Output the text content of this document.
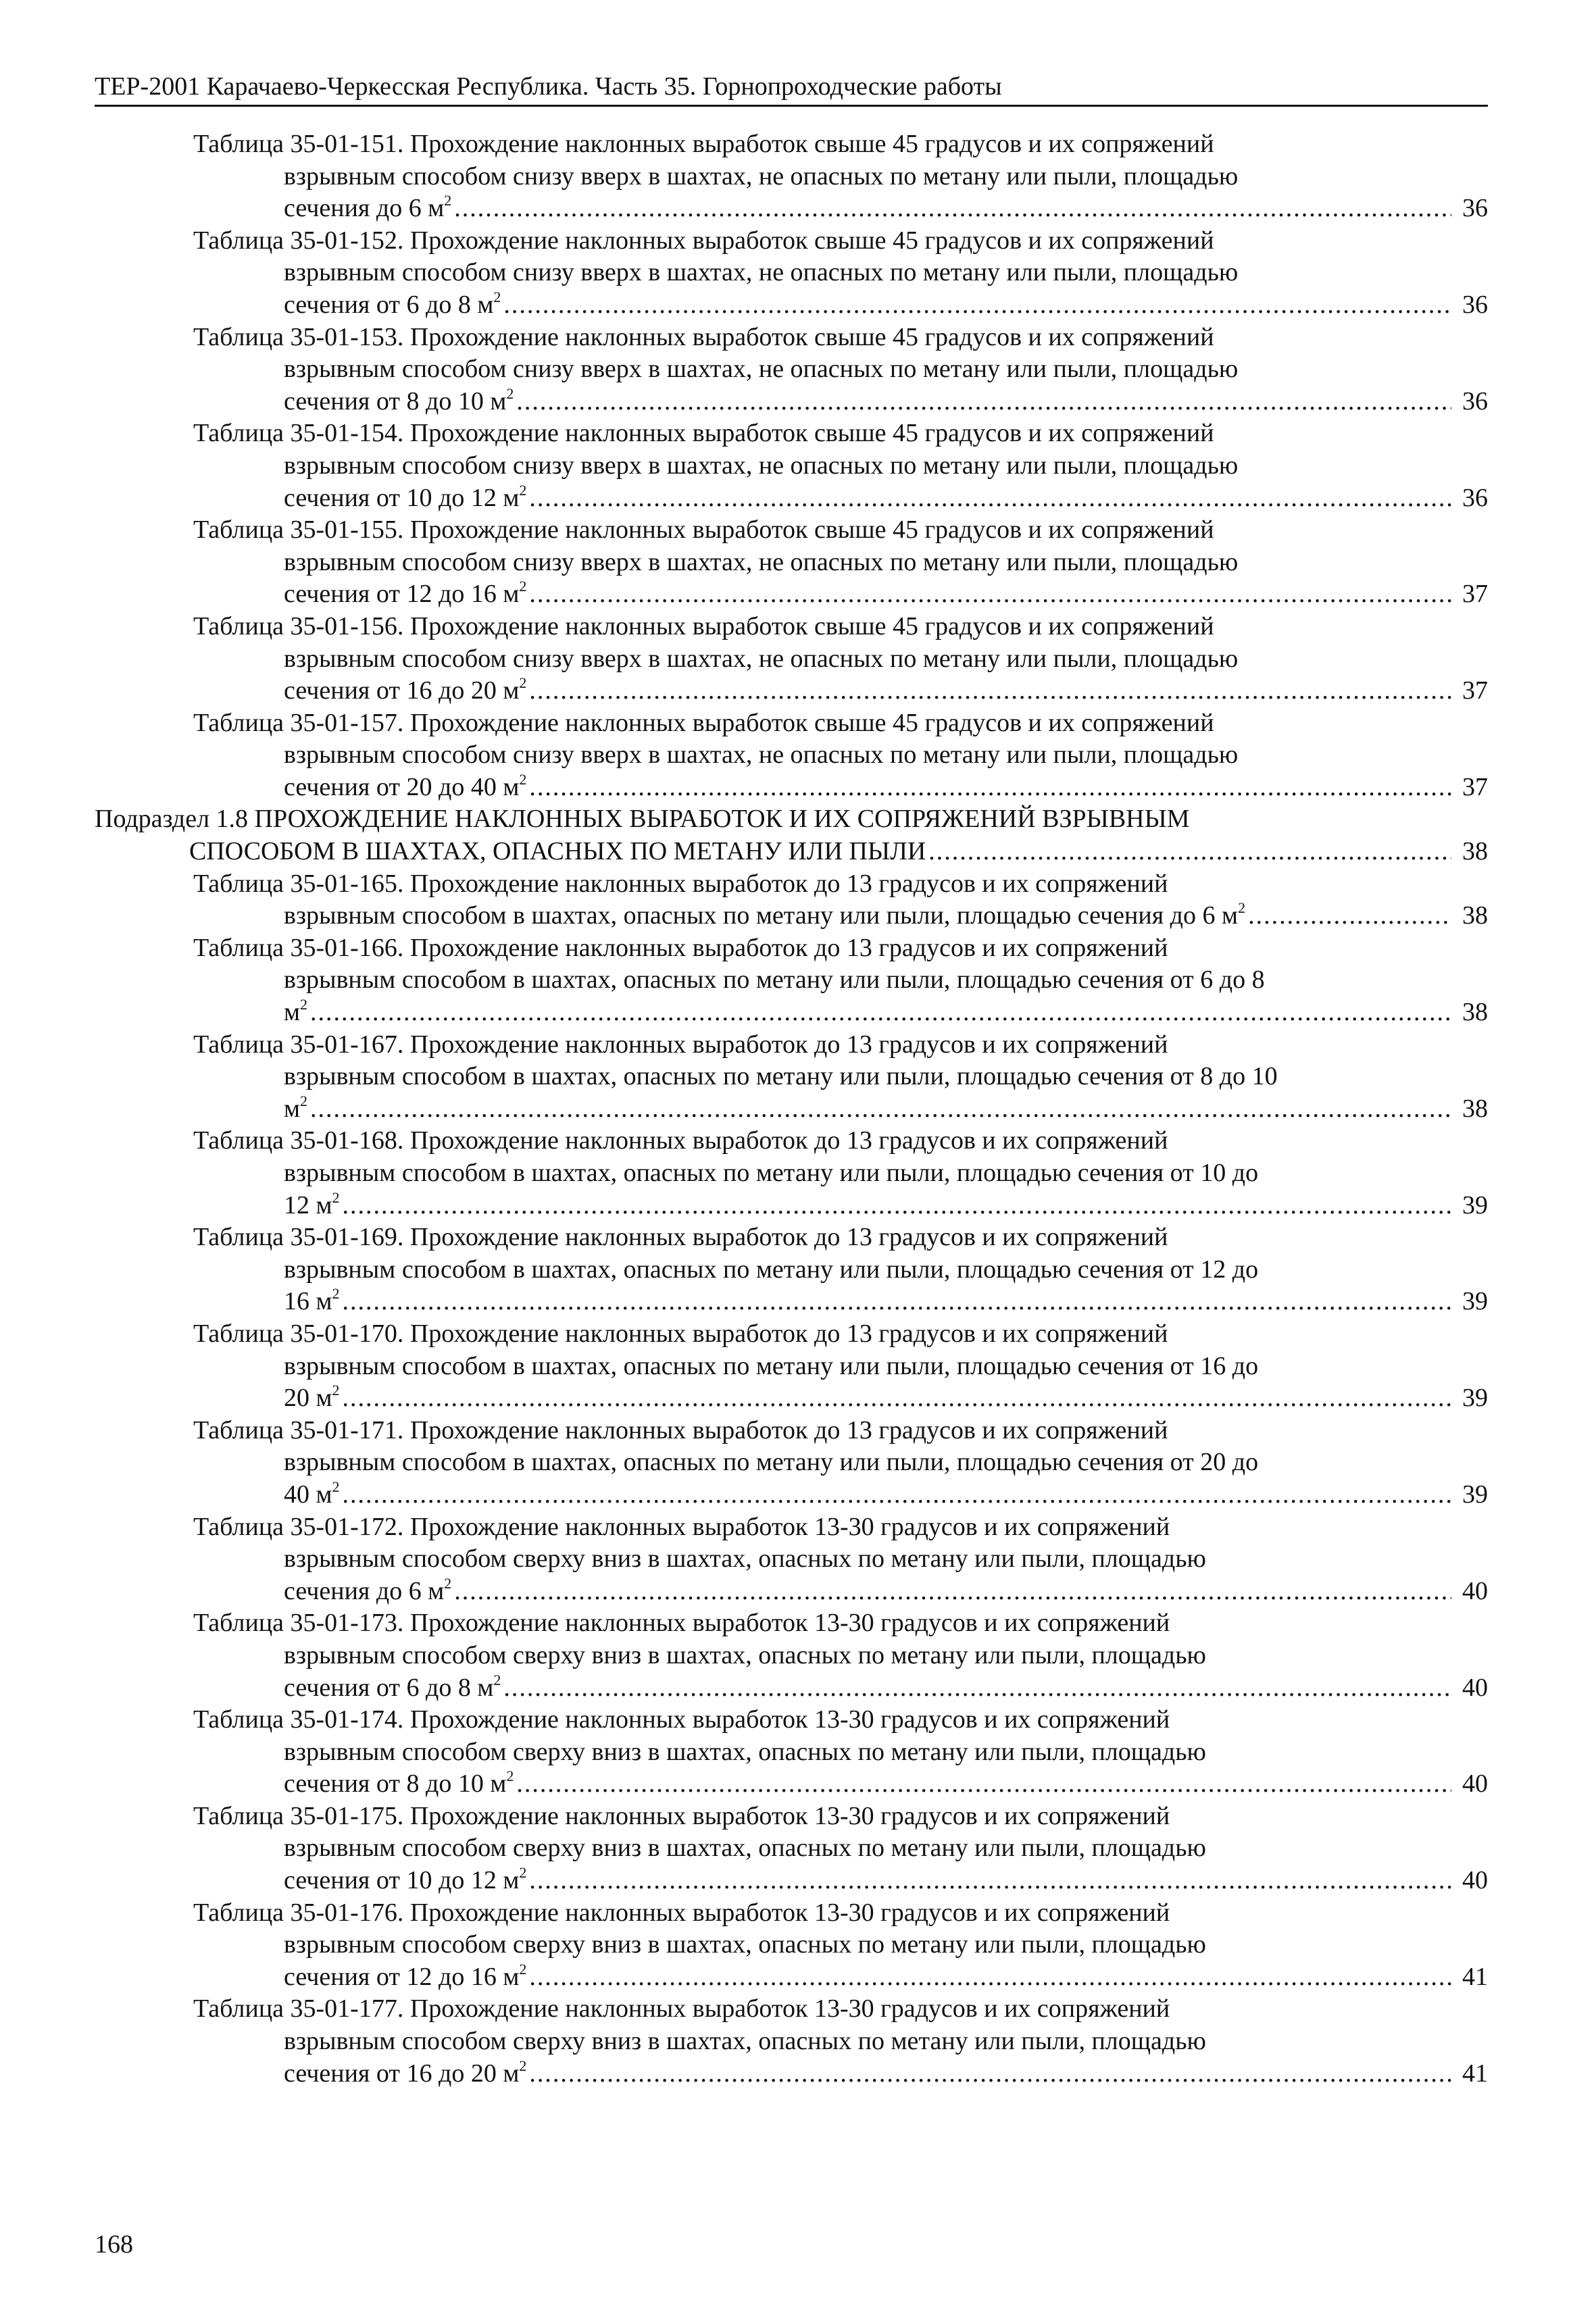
ТЕР-2001 Карачаево-Черкесская Республика. Часть 35. Горнопроходческие работы
Таблица 35-01-151. Прохождение наклонных выработок свыше 45 градусов и их сопряжений
взрывным способом снизу вверх в шахтах, не опасных по метану или пыли, площадью
сечения до 6 $м^2$ .....	36
Таблица 35-01-152. Прохождение наклонных выработок свыше 45 градусов и их сопряжений
взрывным способом снизу вверх в шахтах, не опасных по метану или пыли, площадью
сечения от 6 до 8 $м^2$ .....	36
Таблица 35-01-153. Прохождение наклонных выработок свыше 45 градусов и их сопряжений
взрывным способом снизу вверх в шахтах, не опасных по метану или пыли, площадью
сечения от 8 до 10 $м^2$ .....	36
Таблица 35-01-154. Прохождение наклонных выработок свыше 45 градусов и их сопряжений
взрывным способом снизу вверх в шахтах, не опасных по метану или пыли, площадью
сечения от 10 до 12 $м^2$ .....	36
Таблица 35-01-155. Прохождение наклонных выработок свыше 45 градусов и их сопряжений
взрывным способом снизу вверх в шахтах, не опасных по метану или пыли, площадью
сечения от 12 до 16 $м^2$ .....	37
Таблица 35-01-156. Прохождение наклонных выработок свыше 45 градусов и их сопряжений
взрывным способом снизу вверх в шахтах, не опасных по метану или пыли, площадью
сечения от 16 до 20 $м^2$ .....	37
Таблица 35-01-157. Прохождение наклонных выработок свыше 45 градусов и их сопряжений
взрывным способом снизу вверх в шахтах, не опасных по метану или пыли, площадью
сечения от 20 до 40 $м^2$ .....	37
Подраздел 1.8 ПРОХОЖДЕНИЕ НАКЛОННЫХ ВЫРАБОТОК И ИХ СОПРЯЖЕНИЙ ВЗРЫВНЫМ
СПОСОБОМ В ШАХТАХ, ОПАСНЫХ ПО МЕТАНУ ИЛИ ПЫЛИ .....	38
Таблица 35-01-165. Прохождение наклонных выработок до 13 градусов и их сопряжений
взрывным способом в шахтах, опасных по метану или пыли, площадью сечения до 6 $м^2$ .....	38
Таблица 35-01-166. Прохождение наклонных выработок до 13 градусов и их сопряжений
взрывным способом в шахтах, опасных по метану или пыли, площадью сечения от 6 до 8
$м^2$ .....	38
Таблица 35-01-167. Прохождение наклонных выработок до 13 градусов и их сопряжений
взрывным способом в шахтах, опасных по метану или пыли, площадью сечения от 8 до 10
$м^2$ .....	38
Таблица 35-01-168. Прохождение наклонных выработок до 13 градусов и их сопряжений
взрывным способом в шахтах, опасных по метану или пыли, площадью сечения от 10 до
12 $м^2$ .....	39
Таблица 35-01-169. Прохождение наклонных выработок до 13 градусов и их сопряжений
взрывным способом в шахтах, опасных по метану или пыли, площадью сечения от 12 до
16 $м^2$ .....	39
Таблица 35-01-170. Прохождение наклонных выработок до 13 градусов и их сопряжений
взрывным способом в шахтах, опасных по метану или пыли, площадью сечения от 16 до
20 $м^2$ .....	39
Таблица 35-01-171. Прохождение наклонных выработок до 13 градусов и их сопряжений
взрывным способом в шахтах, опасных по метану или пыли, площадью сечения от 20 до
40 $м^2$ .....	39
Таблица 35-01-172. Прохождение наклонных выработок 13-30 градусов и их сопряжений
взрывным способом сверху вниз в шахтах, опасных по метану или пыли, площадью
сечения до 6 $м^2$ .....	40
Таблица 35-01-173. Прохождение наклонных выработок 13-30 градусов и их сопряжений
взрывным способом сверху вниз в шахтах, опасных по метану или пыли, площадью
сечения от 6 до 8 $м^2$ .....	40
Таблица 35-01-174. Прохождение наклонных выработок 13-30 градусов и их сопряжений
взрывным способом сверху вниз в шахтах, опасных по метану или пыли, площадью
сечения от 8 до 10 $м^2$ .....	40
Таблица 35-01-175. Прохождение наклонных выработок 13-30 градусов и их сопряжений
взрывным способом сверху вниз в шахтах, опасных по метану или пыли, площадью
сечения от 10 до 12 $м^2$ .....	40
Таблица 35-01-176. Прохождение наклонных выработок 13-30 градусов и их сопряжений
взрывным способом сверху вниз в шахтах, опасных по метану или пыли, площадью
сечения от 12 до 16 $м^2$ .....	41
Таблица 35-01-177. Прохождение наклонных выработок 13-30 градусов и их сопряжений
взрывным способом сверху вниз в шахтах, опасных по метану или пыли, площадью
сечения от 16 до 20 $м^2$ .....	41
168
